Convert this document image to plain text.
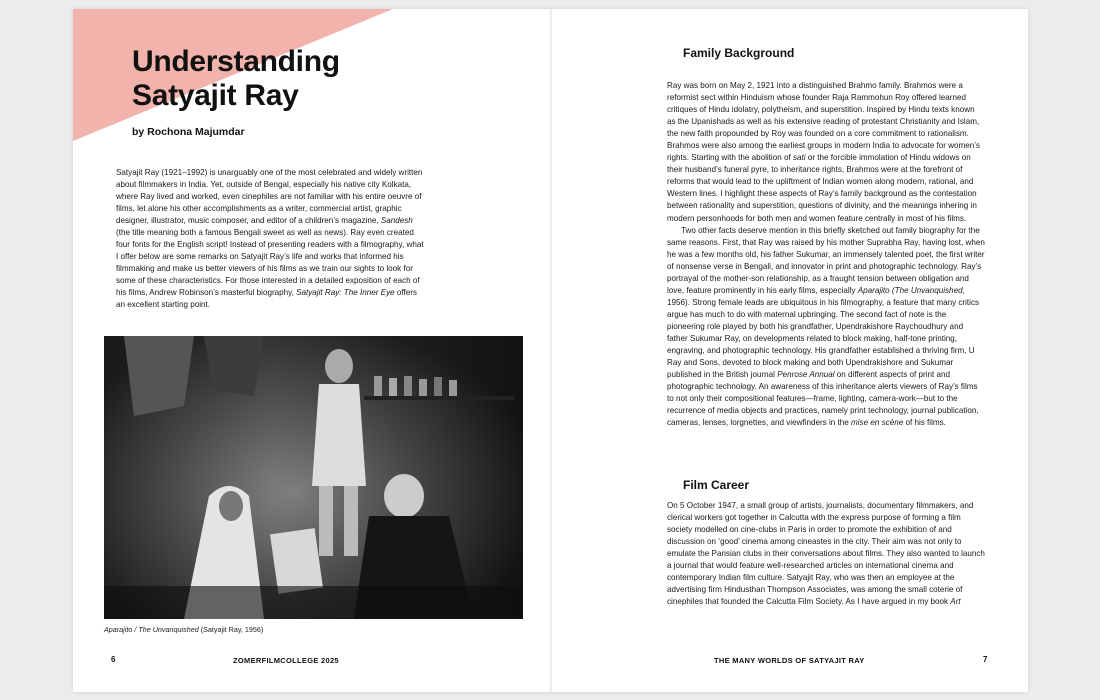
Understanding
Satyajit Ray
by Rochona Majumdar

Satyajit Ray (1921–1992) is unarguably one of the most celebrated and widely written about filmmakers in India. Yet, outside of Bengal, especially his native city Kolkata, where Ray lived and worked, even cinephiles are not familiar with his entire oeuvre of films, let alone his other accomplishments as a writer, commercial artist, graphic designer, illustrator, music composer, and editor of a children’s magazine, Sandesh (the title meaning both a famous Bengali sweet as well as news). Ray even created four fonts for the English script! Instead of presenting readers with a filmography, what I offer below are some remarks on Satyajit Ray’s life and works that informed his filmmaking and make us better viewers of his films as we train our sights to look for some of these characteristics. For those interested in a detailed exposition of each of his films, Andrew Robinson’s masterful biography, Satyajit Ray: The Inner Eye offers an excellent starting point.

Aparajito / The Unvanquished (Satyajit Ray, 1956)
6	ZOMERFILMCOLLEGE 2025
Family Background

Ray was born on May 2, 1921 into a distinguished Brahmo family. Brahmos were a reformist sect within Hinduism whose founder Raja Rammohun Roy offered learned critiques of Hindu idolatry, polytheism, and superstition. Inspired by Hindu texts known as the Upanishads as well as his extensive reading of protestant Christianity and Islam, the new faith propounded by Roy was founded on a core commitment to rationalism. Brahmos were also among the earliest groups in modern India to advocate for women’s rights. Starting with the abolition of sati or the forcible immolation of Hindu widows on their husband’s funeral pyre, to inheritance rights, Brahmos were at the forefront of reforms that would lead to the upliftment of Indian women along modern, rational, and Western lines. I highlight these aspects of Ray’s family background as the contestation between rationality and superstition, questions of divinity, and the meanings inhering in modern personhoods for both men and women feature centrally in most of his films.

Two other facts deserve mention in this briefly sketched out family biography for the same reasons. First, that Ray was raised by his mother Suprabha Ray, having lost, when he was a few months old, his father Sukumar, an immensely talented poet, the first writer of nonsense verse in Bengali, and innovator in print and photographic technology. Ray’s portrayal of the mother-son relationship, as a fraught tension between obligation and love, feature prominently in his early films, especially Aparajito (The Unvanquished, 1956). Strong female leads are ubiquitous in his filmography, a feature that many critics argue has much to do with maternal upbringing. The second fact of note is the pioneering role played by both his grandfather, Upendrakishore Raychoudhury and father Sukumar Ray, on developments related to block making, half-tone printing, engraving, and photographic technology. His grandfather established a thriving firm, U Ray and Sons, devoted to block making and both Upendrakishore and Sukumar published in the British journal Penrose Annual on different aspects of print and photographic technology. An awareness of this inheritance alerts viewers of Ray’s films to not only their compositional features—frame, lighting, camera-work—but to the recurrence of media objects and practices, namely print technology, journal publication, cameras, lenses, lorgnettes, and viewfinders in the mise en scène of his films.

Film Career

On 5 October 1947, a small group of artists, journalists, documentary filmmakers, and clerical workers got together in Calcutta with the express purpose of forming a film society modelled on cine-clubs in Paris in order to promote the exhibition of and discussion on ‘good’ cinema among cineastes in the city. Their aim was not only to emulate the Parisian clubs in their conversations about films. They also wanted to launch a journal that would feature well-researched articles on international cinema and contemporary Indian film culture. Satyajit Ray, who was then an employee at the advertising firm Hindusthan Thompson Associates, was among the small coterie of cinephiles that founded the Calcutta Film Society. As I have argued in my book Art

THE MANY WORLDS OF SATYAJIT RAY	7
